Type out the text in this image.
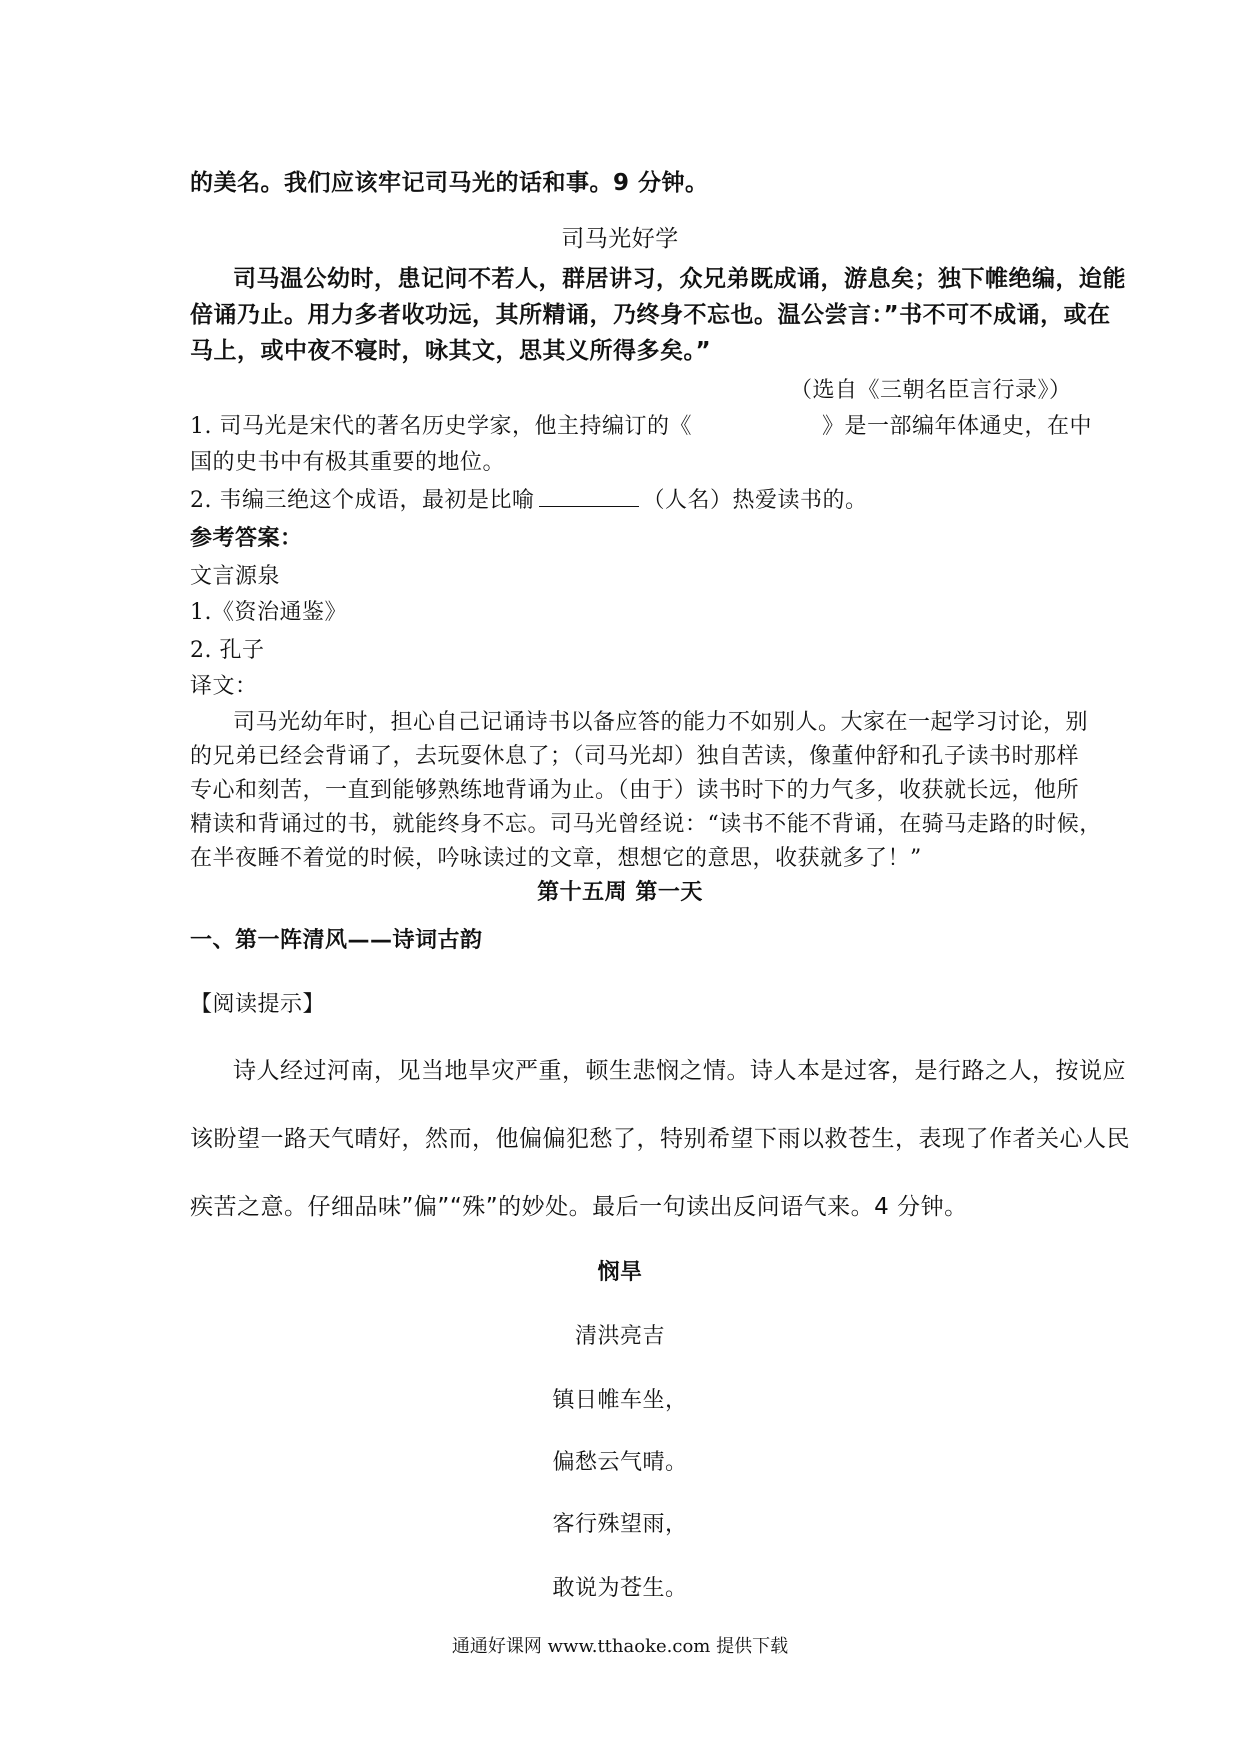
的美名。我们应该牢记司马光的话和事。9 分钟。
司马光好学
司马温公幼时，患记问不若人，群居讲习，众兄弟既成诵，游息矣；独下帷绝编，迨能
倍诵乃止。用力多者收功远，其所精诵，乃终身不忘也。温公尝言：”书不可不成诵，或在
马上，或中夜不寝时，咏其文，思其义所得多矣。”
（选自《三朝名臣言行录》）
1. 司马光是宋代的著名历史学家，他主持编订的《	》是一部编年体通史，在中
国的史书中有极其重要的地位。
2. 韦编三绝这个成语，最初是比喻	（人名）热爱读书的。
参考答案：
文言源泉
1.《资治通鉴》
2. 孔子
译文：
司马光幼年时，担心自己记诵诗书以备应答的能力不如别人。大家在一起学习讨论，别
的兄弟已经会背诵了，去玩耍休息了；（司马光却）独自苦读，像董仲舒和孔子读书时那样
专心和刻苦，一直到能够熟练地背诵为止。（由于）读书时下的力气多，收获就长远，他所
精读和背诵过的书，就能终身不忘。司马光曾经说：“读书不能不背诵，在骑马走路的时候，
在半夜睡不着觉的时候，吟咏读过的文章，想想它的意思，收获就多了！”
第十五周 第一天
一、第一阵清风——诗词古韵
【阅读提示】
诗人经过河南，见当地旱灾严重，顿生悲悯之情。诗人本是过客，是行路之人，按说应
该盼望一路天气晴好，然而，他偏偏犯愁了，特别希望下雨以救苍生，表现了作者关心人民
疾苦之意。仔细品味”偏”“殊”的妙处。最后一句读出反问语气来。4 分钟。
悯旱
清洪亮吉
镇日帷车坐，
偏愁云气晴。
客行殊望雨，
敢说为苍生。
通通好课网 www.tthaoke.com 提供下载
